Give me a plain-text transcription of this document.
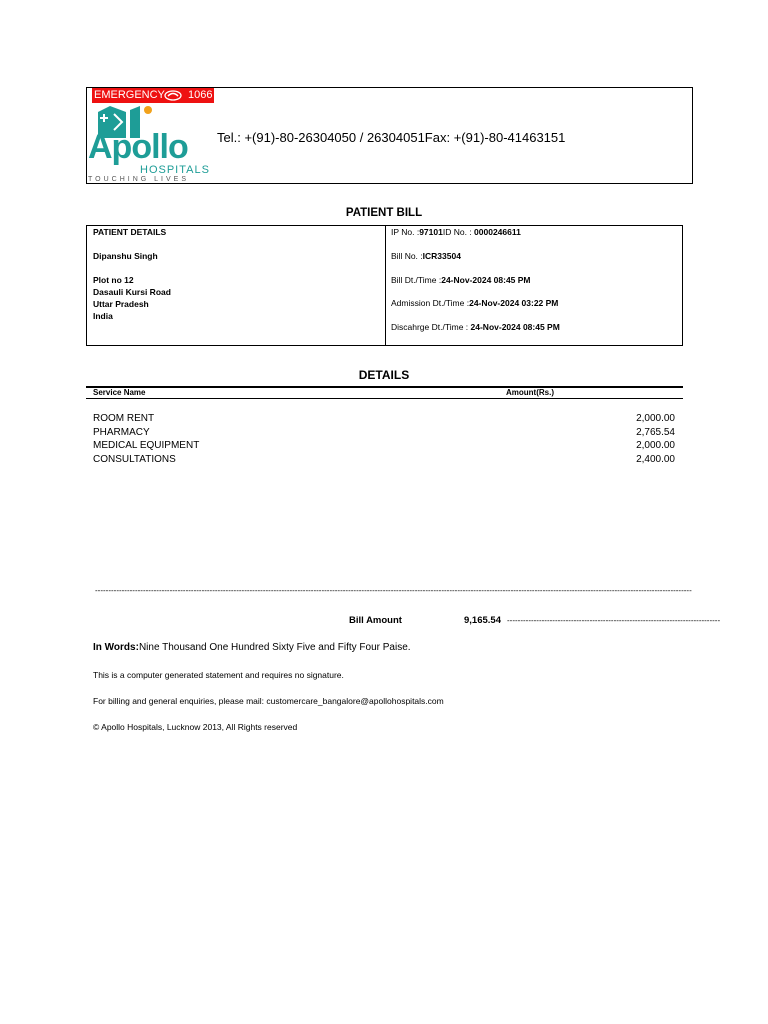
EMERGENCY 1066
Apollo
HOSPITALS
TOUCHING LIVES
Tel.: +(91)-80-26304050 / 26304051Fax: +(91)-80-41463151
PATIENT BILL
PATIENT DETAILS
Dipanshu Singh
Plot no 12
Dasauli Kursi Road
Uttar Pradesh
India
IP No. :97101ID No. : 0000246611
Bill No. :ICR33504
Bill Dt./Time :24-Nov-2024 08:45 PM
Admission Dt./Time :24-Nov-2024 03:22 PM
Discahrge Dt./Time : 24-Nov-2024 08:45 PM
DETAILS
Service Name	Amount(Rs.)
ROOM RENT	2,000.00
PHARMACY	2,765.54
MEDICAL EQUIPMENT	2,000.00
CONSULTATIONS	2,400.00
--------------------------------------------------------------------------------------------------------------------------------------------------------------------------------------------------------------------------------
Bill Amount	9,165.54 --------------------------------------------------------------------------------
In Words:Nine Thousand One Hundred Sixty Five and Fifty Four Paise.
This is a computer generated statement and requires no signature.
For billing and general enquiries, please mail: customercare_bangalore@apollohospitals.com
© Apollo Hospitals, Lucknow 2013, All Rights reserved
